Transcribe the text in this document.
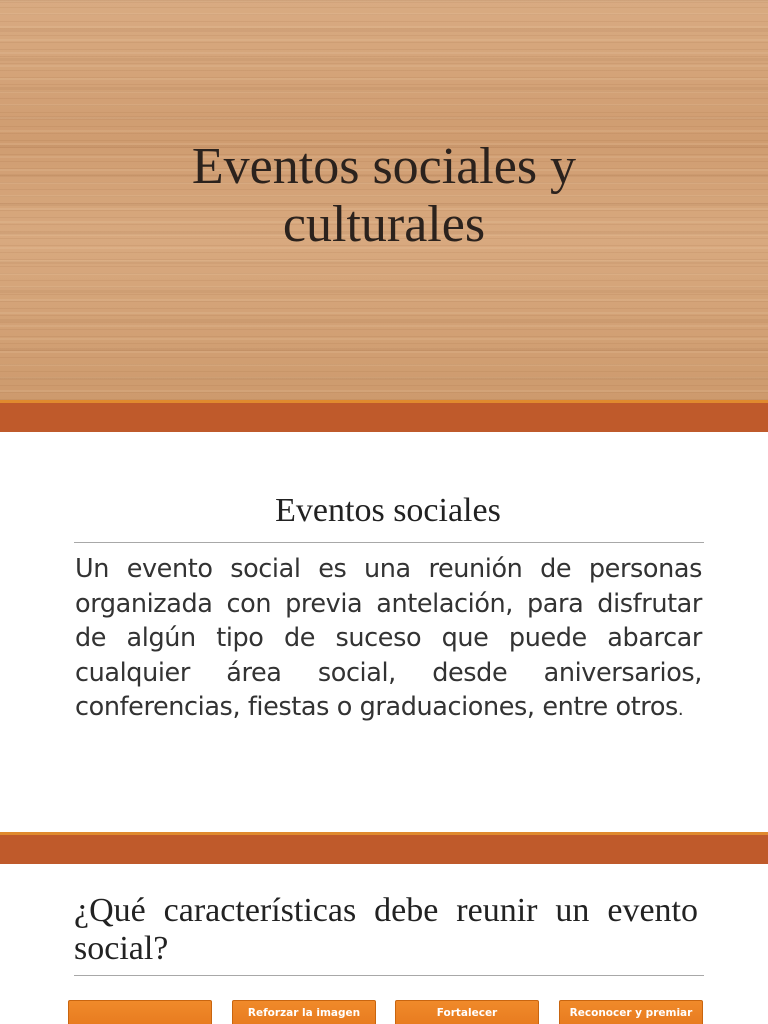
Eventos sociales y
culturales
Eventos sociales
Un evento social es una reunión de personas organizada con previa antelación, para disfrutar de algún tipo de suceso que puede abarcar cualquier área social, desde aniversarios, conferencias, fiestas o graduaciones, entre otros.
¿Qué características debe reunir un evento social?
Reforzar la imagen	Fortalecer	Reconocer y premiar
